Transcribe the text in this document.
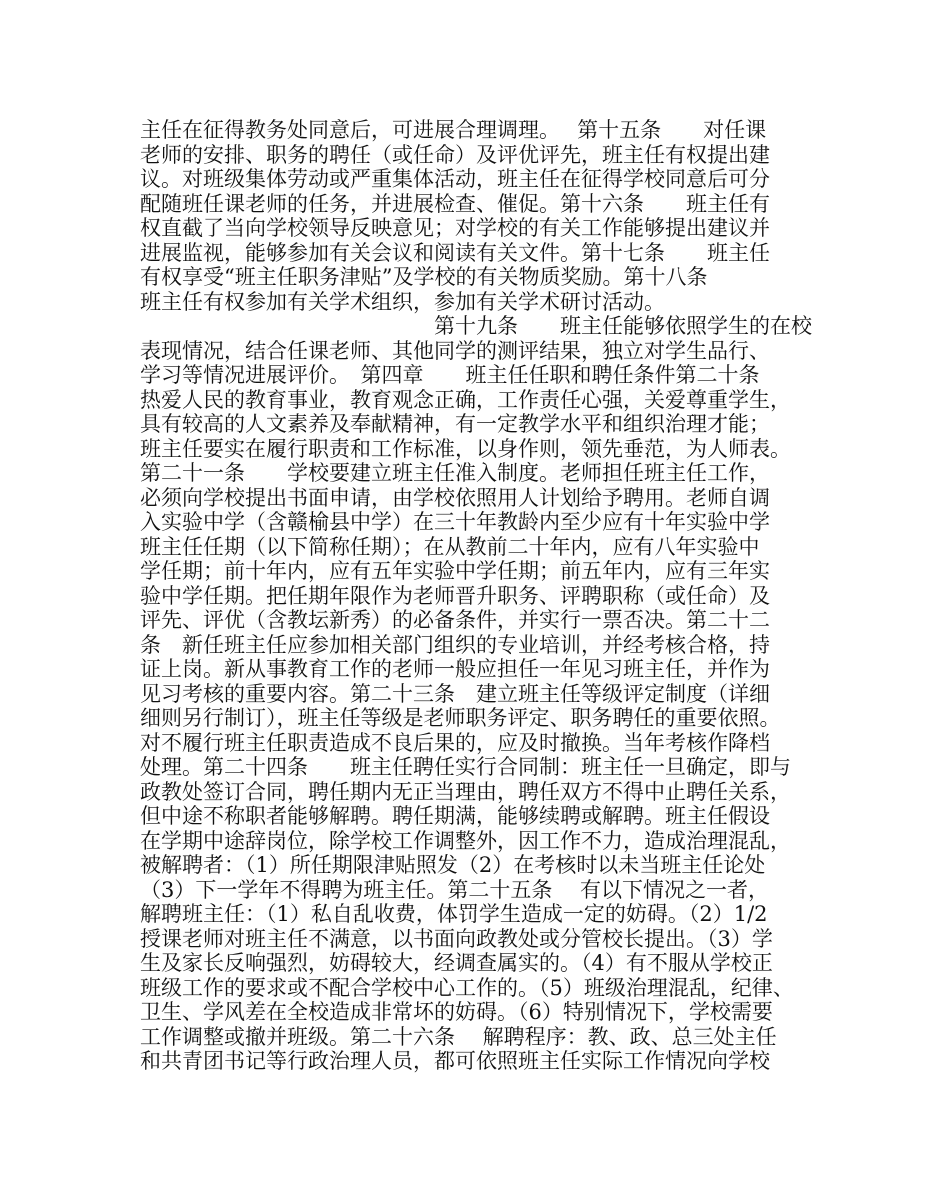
主任在征得教务处同意后，可进展合理调理。　 第十五条　　对任课
老师的安排、职务的聘任（或任命）及评优评先，班主任有权提出建
议。对班级集体劳动或严重集体活动，班主任在征得学校同意后可分
配随班任课老师的任务，并进展检查、催促。第十六条　　班主任有
权直截了当向学校领导反映意见；对学校的有关工作能够提出建议并
进展监视，能够参加有关会议和阅读有关文件。第十七条　　班主任
有权享受“班主任职务津贴”及学校的有关物质奖励。第十八条
班主任有权参加有关学术组织，参加有关学术研讨活动。
　　　　　　　　　　　　　　第十九条　　班主任能够依照学生的在校
表现情况，结合任课老师、其他同学的测评结果，独立对学生品行、
学习等情况进展评价。　第四章　　班主任任职和聘任条件第二十条
热爱人民的教育事业，教育观念正确，工作责任心强，关爱尊重学生，
具有较高的人文素养及奉献精神，有一定教学水平和组织治理才能；
班主任要实在履行职责和工作标准，以身作则，领先垂范，为人师表。
第二十一条　　学校要建立班主任准入制度。老师担任班主任工作，
必须向学校提出书面申请，由学校依照用人计划给予聘用。老师自调
入实验中学（含赣榆县中学）在三十年教龄内至少应有十年实验中学
班主任任期（以下简称任期）；在从教前二十年内，应有八年实验中
学任期；前十年内，应有五年实验中学任期；前五年内，应有三年实
验中学任期。把任期年限作为老师晋升职务、评聘职称（或任命）及
评先、评优（含教坛新秀）的必备条件，并实行一票否决。第二十二
条　新任班主任应参加相关部门组织的专业培训，并经考核合格，持
证上岗。新从事教育工作的老师一般应担任一年见习班主任，并作为
见习考核的重要内容。第二十三条　建立班主任等级评定制度（详细
细则另行制订），班主任等级是老师职务评定、职务聘任的重要依照。
对不履行班主任职责造成不良后果的，应及时撤换。当年考核作降档
处理。第二十四条　　班主任聘任实行合同制：班主任一旦确定，即与
政教处签订合同，聘任期内无正当理由，聘任双方不得中止聘任关系，
但中途不称职者能够解聘。聘任期满，能够续聘或解聘。班主任假设
在学期中途辞岗位，除学校工作调整外，因工作不力，造成治理混乱，
被解聘者：（1）所任期限津贴照发（2）在考核时以未当班主任论处
（3）下一学年不得聘为班主任。第二十五条　 有以下情况之一者，
解聘班主任：（1）私自乱收费，体罚学生造成一定的妨碍。（2）1/2
授课老师对班主任不满意，以书面向政教处或分管校长提出。（3）学
生及家长反响强烈，妨碍较大，经调查属实的。（4）有不服从学校正
班级工作的要求或不配合学校中心工作的。（5）班级治理混乱，纪律、
卫生、学风差在全校造成非常坏的妨碍。（6）特别情况下，学校需要
工作调整或撤并班级。第二十六条　 解聘程序：教、政、总三处主任
和共青团书记等行政治理人员，都可依照班主任实际工作情况向学校
